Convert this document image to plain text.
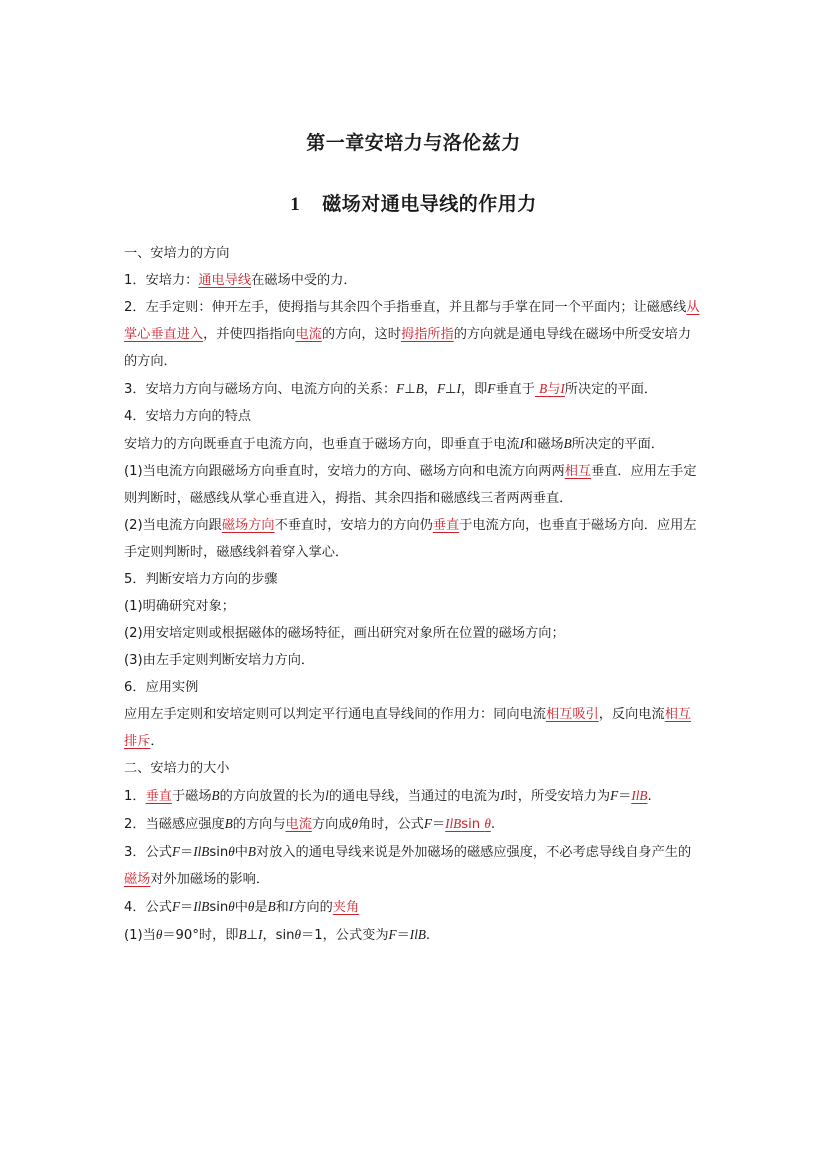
第一章安培力与洛伦兹力
1 磁场对通电导线的作用力

一、安培力的方向

1．安培力：通电导线在磁场中受的力．

2．左手定则：伸开左手，使拇指与其余四个手指垂直，并且都与手掌在同一个平面内；让磁感线从掌心垂直进入，并使四指指向电流的方向，这时拇指所指的方向就是通电导线在磁场中所受安培力的方向．

3．安培力方向与磁场方向、电流方向的关系：F⊥B，F⊥I，即F垂直于 B与I所决定的平面．

4．安培力方向的特点

安培力的方向既垂直于电流方向，也垂直于磁场方向，即垂直于电流I和磁场B所决定的平面．

(1)当电流方向跟磁场方向垂直时，安培力的方向、磁场方向和电流方向两两相互垂直．应用左手定则判断时，磁感线从掌心垂直进入，拇指、其余四指和磁感线三者两两垂直．

(2)当电流方向跟磁场方向不垂直时，安培力的方向仍垂直于电流方向，也垂直于磁场方向．应用左手定则判断时，磁感线斜着穿入掌心．

5．判断安培力方向的步骤

(1)明确研究对象；

(2)用安培定则或根据磁体的磁场特征，画出研究对象所在位置的磁场方向；

(3)由左手定则判断安培力方向．

6．应用实例

应用左手定则和安培定则可以判定平行通电直导线间的作用力：同向电流相互吸引，反向电流相互排斥．

二、安培力的大小

1．垂直于磁场B的方向放置的长为l的通电导线，当通过的电流为I时，所受安培力为F＝IlB.

2．当磁感应强度B的方向与电流方向成θ角时，公式F＝IlBsin θ.

3．公式F＝IlBsinθ中B对放入的通电导线来说是外加磁场的磁感应强度，不必考虑导线自身产生的磁场对外加磁场的影响．

4．公式F＝IlBsinθ中θ是B和I方向的夹角

(1)当θ＝90°时，即B⊥I，sinθ＝1，公式变为F＝IlB.
